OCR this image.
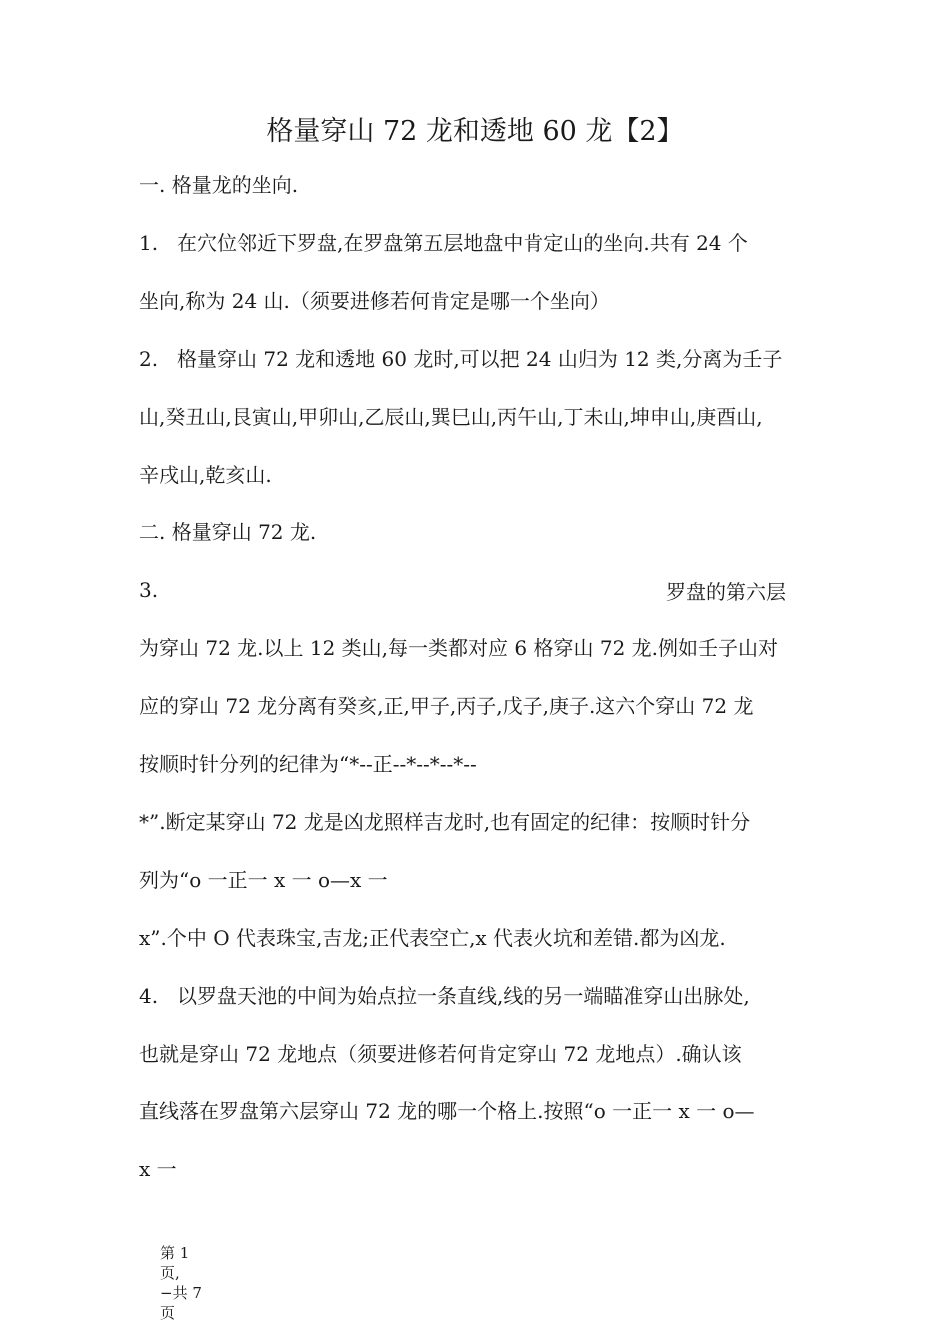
格量穿山 72 龙和透地 60 龙【2】
一. 格量龙的坐向.
1. 在穴位邻近下罗盘,在罗盘第五层地盘中肯定山的坐向.共有 24 个
坐向,称为 24 山.（须要进修若何肯定是哪一个坐向）
2. 格量穿山 72 龙和透地 60 龙时,可以把 24 山归为 12 类,分离为壬子
山,癸丑山,艮寅山,甲卯山,乙辰山,巽巳山,丙午山,丁未山,坤申山,庚酉山,
辛戌山,乾亥山.
二. 格量穿山 72 龙.
3.
为穿山 72 龙.以上 12 类山,每一类都对应 6 格穿山 72 龙.例如壬子山对
应的穿山 72 龙分离有癸亥,正,甲子,丙子,戊子,庚子.这六个穿山 72 龙
按顺时针分列的纪律为“*--正--*--*--*--
*”.断定某穿山 72 龙是凶龙照样吉龙时,也有固定的纪律：按顺时针分
列为“o 一正一 x 一 o—x 一
x”.个中 O 代表珠宝,吉龙;正代表空亡,x 代表火坑和差错.都为凶龙.
4. 以罗盘天池的中间为始点拉一条直线,线的另一端瞄准穿山出脉处,
也就是穿山 72 龙地点（须要进修若何肯定穿山 72 龙地点）.确认该
直线落在罗盘第六层穿山 72 龙的哪一个格上.按照“o 一正一 x 一 o—
x 一
罗盘的第六层
第 1
页,
−共 7
页
